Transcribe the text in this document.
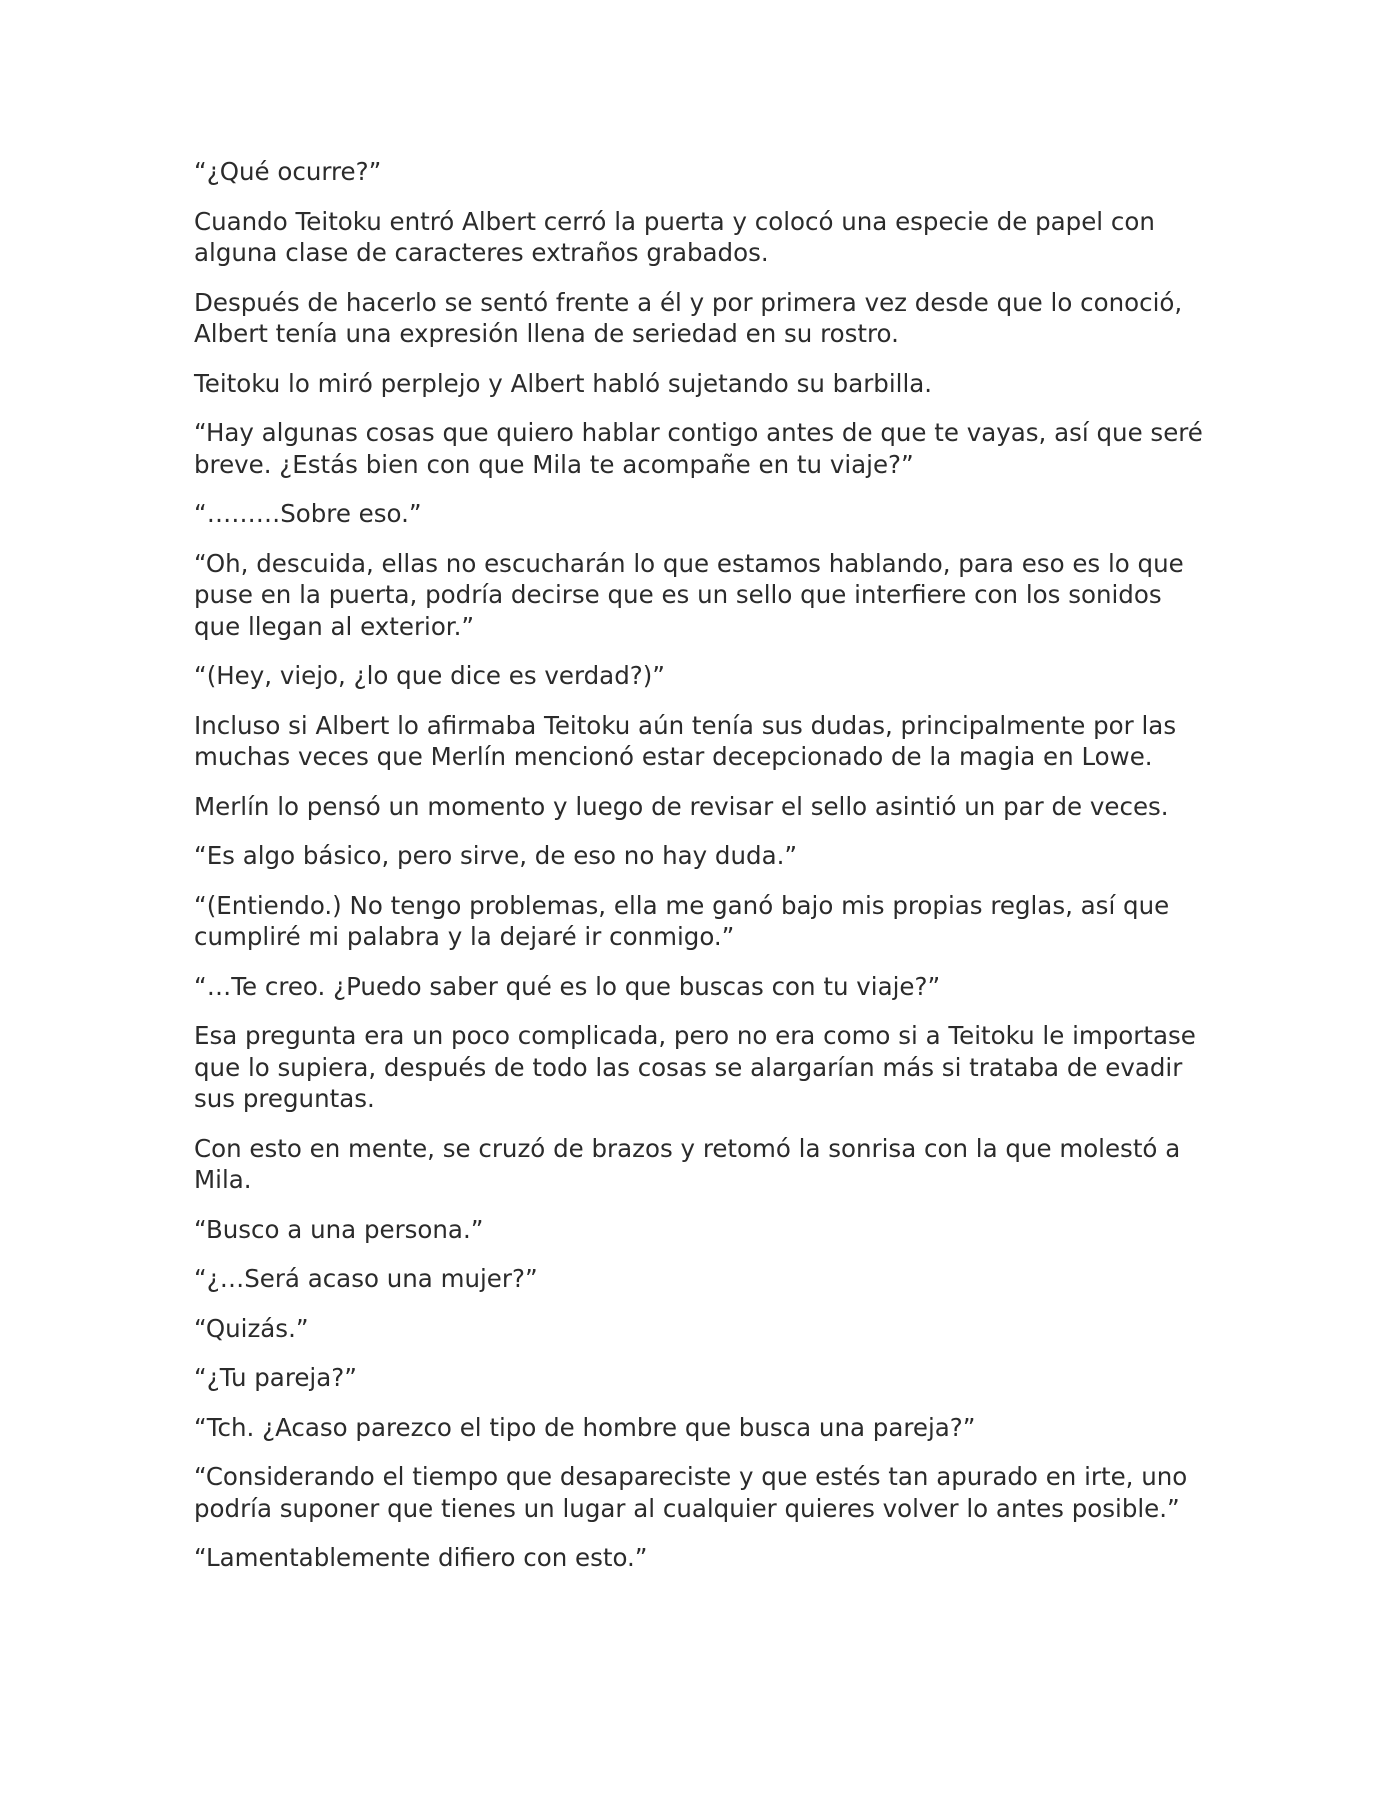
“¿Qué ocurre?”

Cuando Teitoku entró Albert cerró la puerta y colocó una especie de papel con alguna clase de caracteres extraños grabados.

Después de hacerlo se sentó frente a él y por primera vez desde que lo conoció, Albert tenía una expresión llena de seriedad en su rostro.

Teitoku lo miró perplejo y Albert habló sujetando su barbilla.

“Hay algunas cosas que quiero hablar contigo antes de que te vayas, así que seré breve. ¿Estás bien con que Mila te acompañe en tu viaje?”

“………Sobre eso.”

“Oh, descuida, ellas no escucharán lo que estamos hablando, para eso es lo que puse en la puerta, podría decirse que es un sello que interfiere con los sonidos que llegan al exterior.”

“(Hey, viejo, ¿lo que dice es verdad?)”

Incluso si Albert lo afirmaba Teitoku aún tenía sus dudas, principalmente por las muchas veces que Merlín mencionó estar decepcionado de la magia en Lowe.

Merlín lo pensó un momento y luego de revisar el sello asintió un par de veces.

“Es algo básico, pero sirve, de eso no hay duda.”

“(Entiendo.) No tengo problemas, ella me ganó bajo mis propias reglas, así que cumpliré mi palabra y la dejaré ir conmigo.”

“…Te creo. ¿Puedo saber qué es lo que buscas con tu viaje?”

Esa pregunta era un poco complicada, pero no era como si a Teitoku le importase que lo supiera, después de todo las cosas se alargarían más si trataba de evadir sus preguntas.

Con esto en mente, se cruzó de brazos y retomó la sonrisa con la que molestó a Mila.

“Busco a una persona.”

“¿…Será acaso una mujer?”

“Quizás.”

“¿Tu pareja?”

“Tch. ¿Acaso parezco el tipo de hombre que busca una pareja?”

“Considerando el tiempo que desapareciste y que estés tan apurado en irte, uno podría suponer que tienes un lugar al cualquier quieres volver lo antes posible.”

“Lamentablemente difiero con esto.”
